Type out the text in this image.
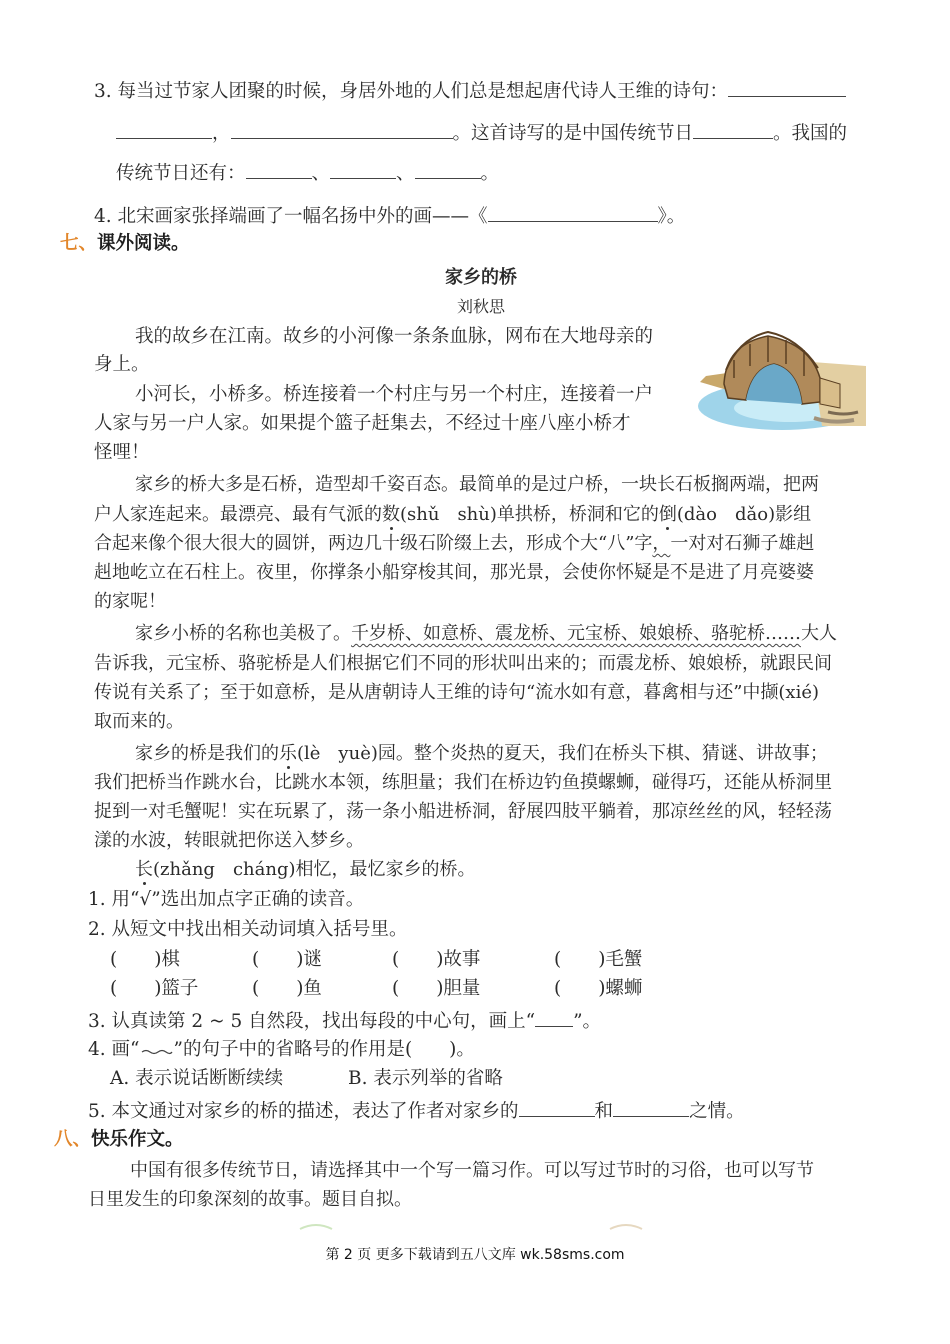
3. 每当过节家人团聚的时候，身居外地的人们总是想起唐代诗人王维的诗句：
，	。这首诗写的是中国传统节日	。我国的
传统节日还有：	、	、	。
4. 北宋画家张择端画了一幅名扬中外的画——《	》。
七、课外阅读。
家乡的桥
刘秋思
我的故乡在江南。故乡的小河像一条条血脉，网布在大地母亲的
身上。
小河长，小桥多。桥连接着一个村庄与另一个村庄，连接着一户
人家与另一户人家。如果提个篮子赶集去，不经过十座八座小桥才
怪哩！
家乡的桥大多是石桥，造型却千姿百态。最简单的是过户桥，一块长石板搁两端，把两
户人家连起来。最漂亮、最有气派的数(shǔ　shù)单拱桥，桥洞和它的倒(dào　dǎo)影组
合起来像个很大很大的圆饼，两边几十级石阶缀上去，形成个大“八”字，一对对石狮子雄赳
赳地屹立在石柱上。夜里，你撑条小船穿梭其间，那光景，会使你怀疑是不是进了月亮婆婆
的家呢！
家乡小桥的名称也美极了。千岁桥、如意桥、震龙桥、元宝桥、娘娘桥、骆驼桥……大人
告诉我，元宝桥、骆驼桥是人们根据它们不同的形状叫出来的；而震龙桥、娘娘桥，就跟民间
传说有关系了；至于如意桥，是从唐朝诗人王维的诗句“流水如有意，暮禽相与还”中撷(xié)
取而来的。
家乡的桥是我们的乐(lè　yuè)园。整个炎热的夏天，我们在桥头下棋、猜谜、讲故事；
我们把桥当作跳水台，比跳水本领，练胆量；我们在桥边钓鱼摸螺蛳，碰得巧，还能从桥洞里
捉到一对毛蟹呢！实在玩累了，荡一条小船进桥洞，舒展四肢平躺着，那凉丝丝的风，轻轻荡
漾的水波，转眼就把你送入梦乡。
长(zhǎng　cháng)相忆，最忆家乡的桥。
1. 用“√”选出加点字正确的读音。
2. 从短文中找出相关动词填入括号里。
(　　)棋	(　　)谜	(　　)故事	(　　)毛蟹
(　　)篮子	(　　)鱼	(　　)胆量	(　　)螺蛳
3. 认真读第 2 ~ 5 自然段，找出每段的中心句，画上“ ”。
4. 画“ ”的句子中的省略号的作用是(　　)。
A. 表示说话断断续续	B. 表示列举的省略
5. 本文通过对家乡的桥的描述，表达了作者对家乡的	和	之情。
八、快乐作文。
中国有很多传统节日，请选择其中一个写一篇习作。可以写过节时的习俗，也可以写节
日里发生的印象深刻的故事。题目自拟。
第 2 页 更多下载请到五八文库 wk.58sms.com
